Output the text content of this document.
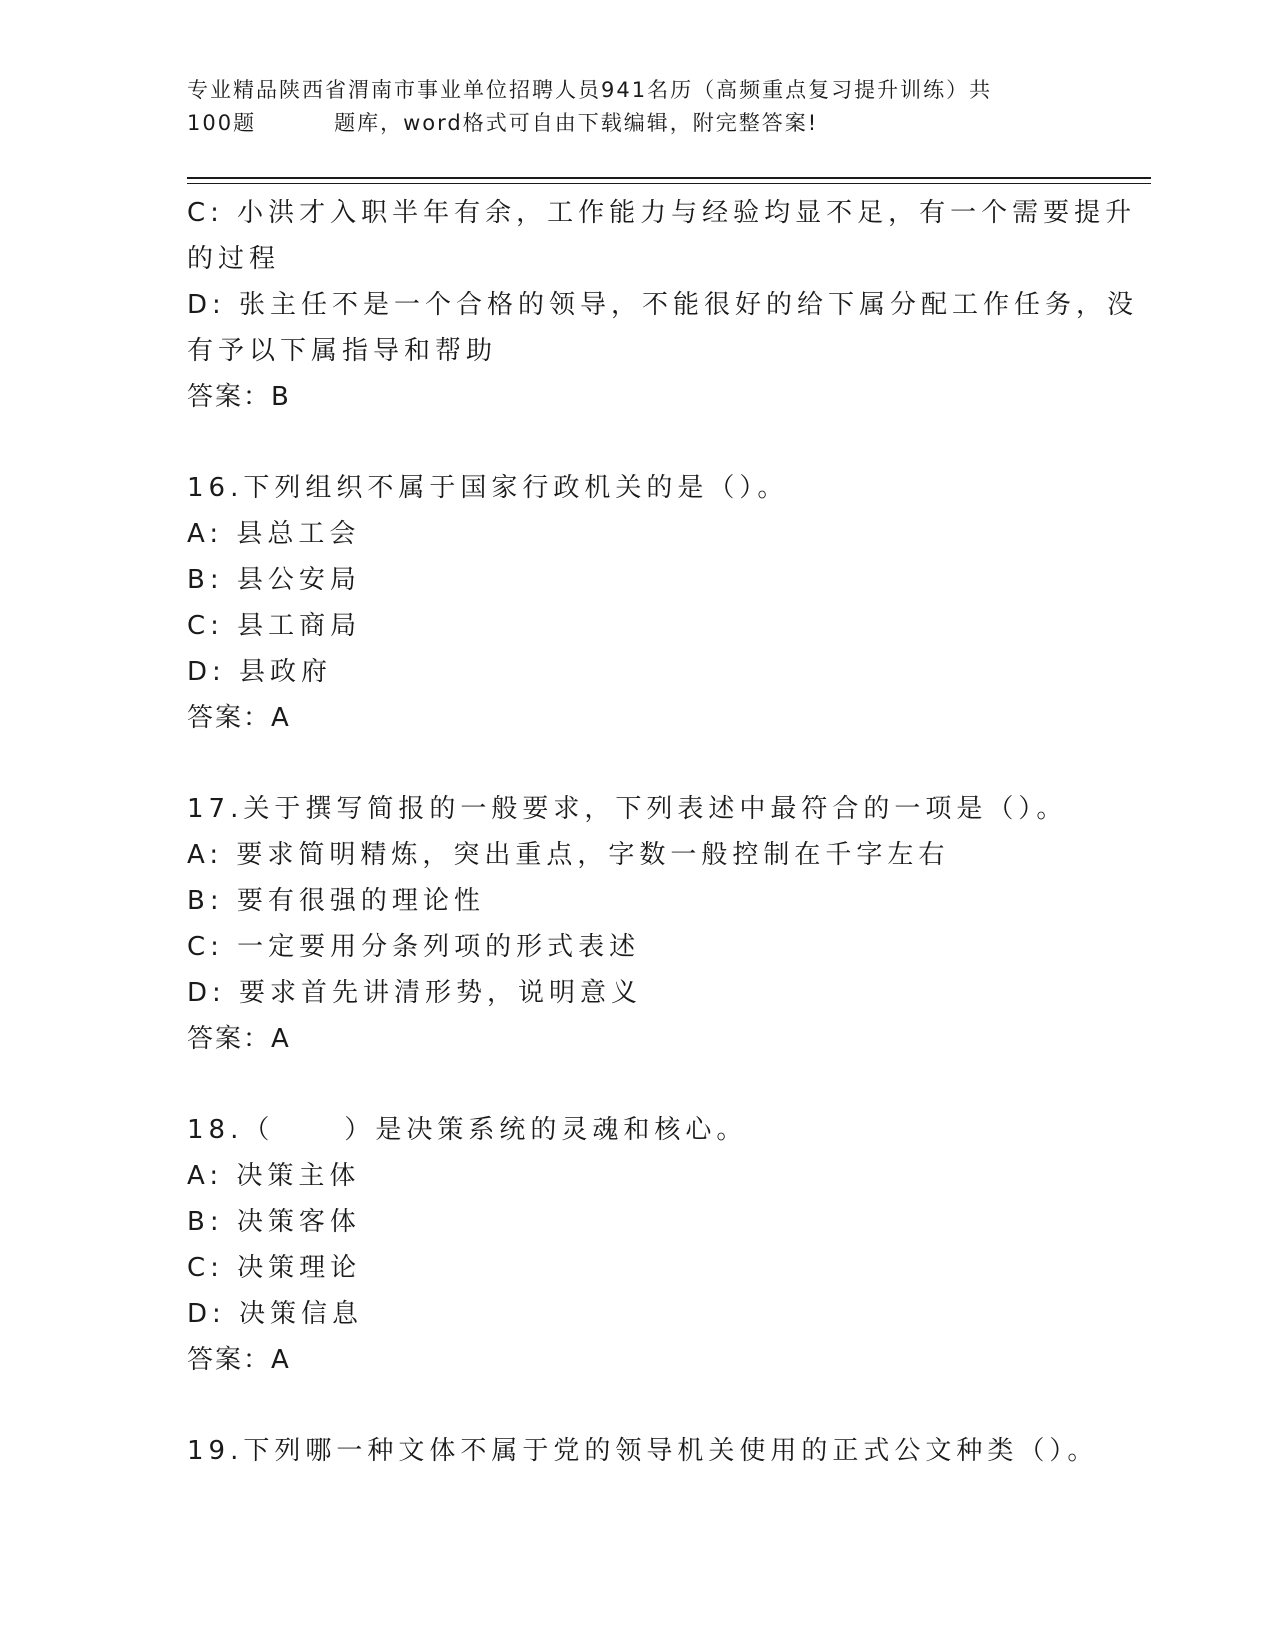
专业精品陕西省渭南市事业单位招聘人员941名历（高频重点复习提升训练）共
100题	题库，word格式可自由下载编辑，附完整答案!
C: 小洪才入职半年有余，工作能力与经验均显不足，有一个需要提升
的过程
D: 张主任不是一个合格的领导，不能很好的给下属分配工作任务，没
有予以下属指导和帮助
答案：B
16.下列组织不属于国家行政机关的是（）。
A: 县总工会
B: 县公安局
C: 县工商局
D: 县政府
答案：A
17.关于撰写简报的一般要求，下列表述中最符合的一项是（）。
A: 要求简明精炼，突出重点，字数一般控制在千字左右
B: 要有很强的理论性
C: 一定要用分条列项的形式表述
D: 要求首先讲清形势，说明意义
答案：A
18.（	）是决策系统的灵魂和核心。
A: 决策主体
B: 决策客体
C: 决策理论
D: 决策信息
答案：A
19.下列哪一种文体不属于党的领导机关使用的正式公文种类（）。
